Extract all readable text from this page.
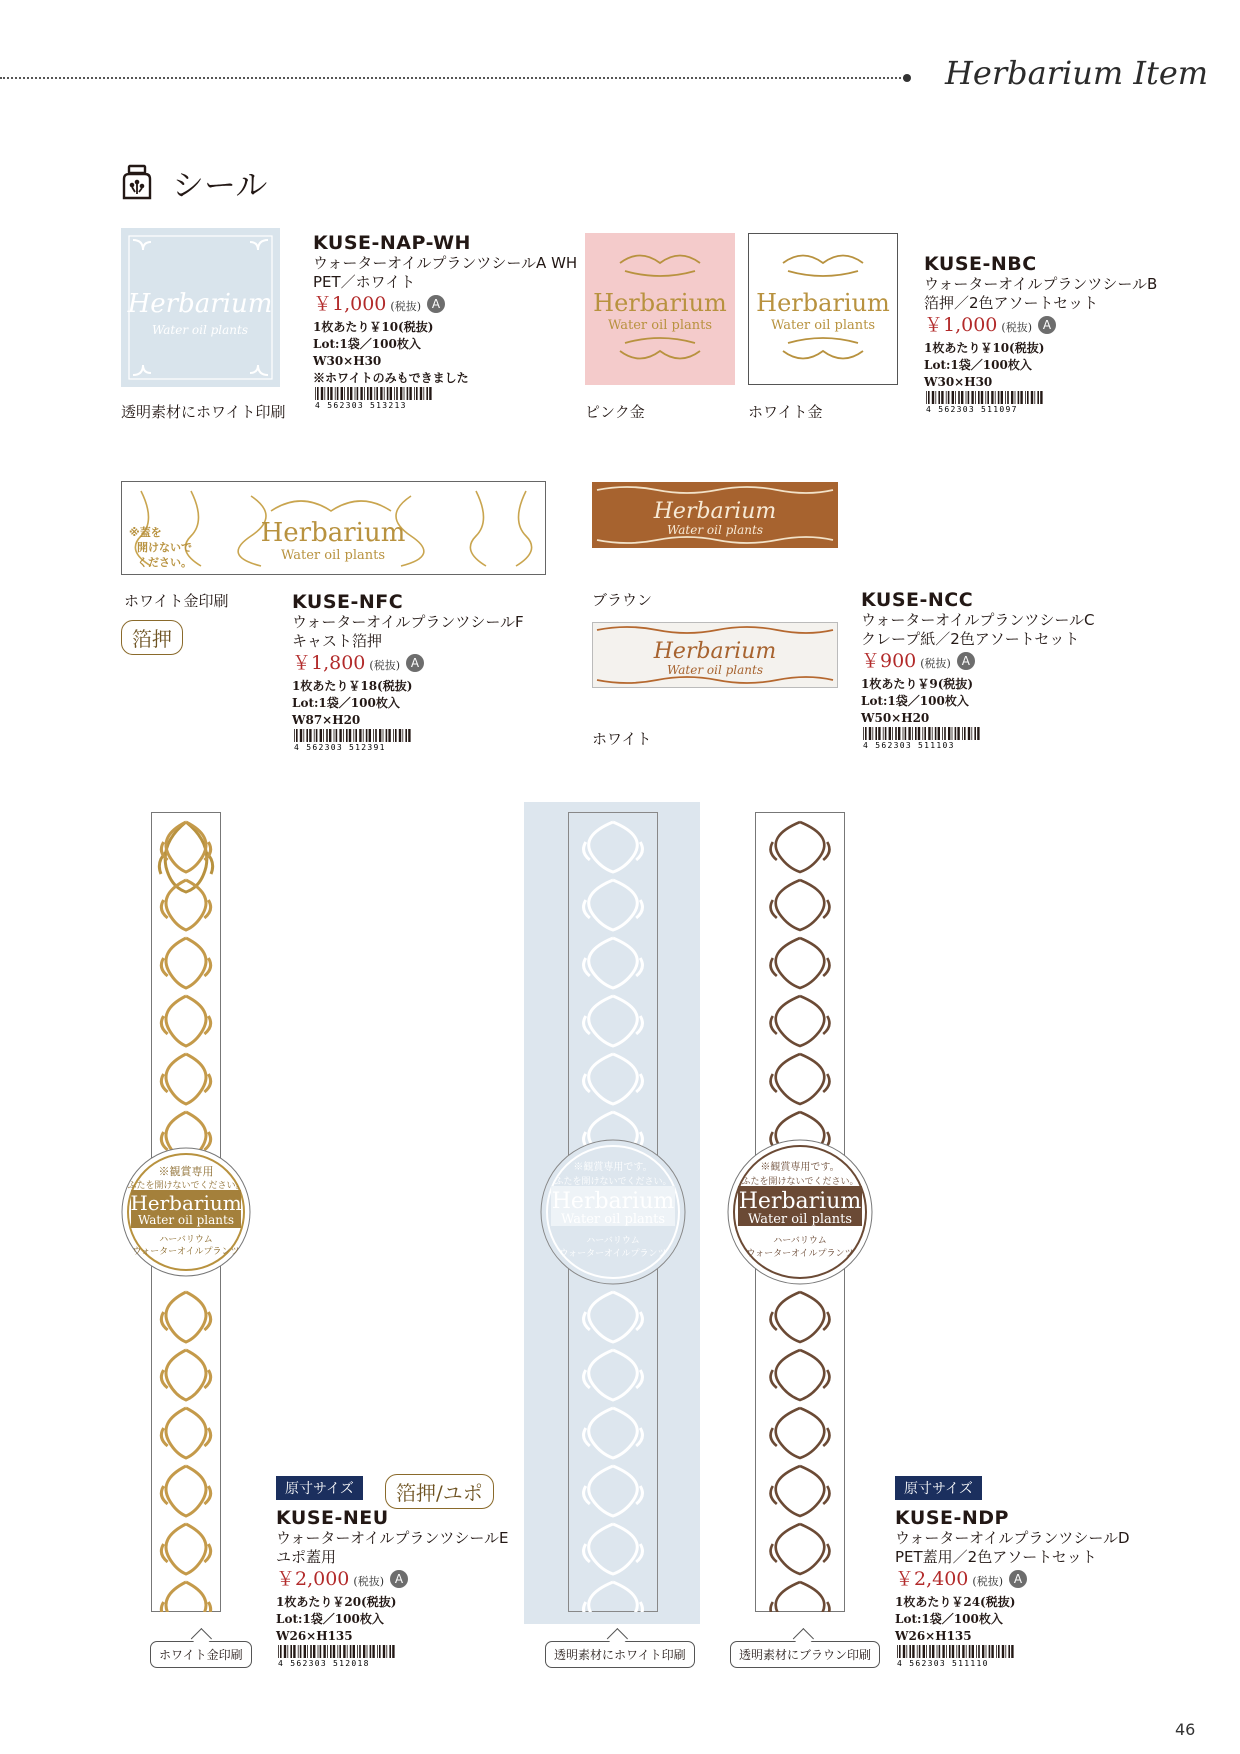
Herbarium Item
シール
Herbarium
Water oil plants
透明素材にホワイト印刷
KUSE-NAP-WH
ウォーターオイルプランツシールA WH
PET／ホワイト
￥1,000 (税抜) A
1枚あたり￥10(税抜)
Lot:1袋／100枚入
W30×H30
※ホワイトのみもできました
4 562303 513213
Herbarium
Water oil plants
Herbarium
Water oil plants
ピンク金	ホワイト金
KUSE-NBC
ウォーターオイルプランツシールB
箔押／2色アソートセット
￥1,000 (税抜) A
1枚あたり￥10(税抜)
Lot:1袋／100枚入
W30×H30
4 562303 511097
Herbarium
Water oil plants
※蓋を
開けないで
ください。
ホワイト金印刷
箔押
KUSE-NFC
ウォーターオイルプランツシールF
キャスト箔押
￥1,800 (税抜) A
1枚あたり￥18(税抜)
Lot:1袋／100枚入
W87×H20
4 562303 512391
Herbarium
Water oil plants
ブラウン
Herbarium
Water oil plants
ホワイト
KUSE-NCC
ウォーターオイルプランツシールC
クレープ紙／2色アソートセット
￥900 (税抜) A
1枚あたり￥9(税抜)
Lot:1袋／100枚入
W50×H20
4 562303 511103
※観賞専用
ふたを開けないでください。
Herbarium
Water oil plants
ハーバリウム
ウォーターオイルプランツ
※観賞専用です。
ふたを開けないでください。
Herbarium
Water oil plants
ハーバリウム
ウォーターオイルプランツ
※観賞専用です。
ふたを開けないでください。
Herbarium
Water oil plants
ハーバリウム
ウォーターオイルプランツ
ホワイト金印刷	透明素材にホワイト印刷	透明素材にブラウン印刷
原寸サイズ	箔押/ユポ
KUSE-NEU
ウォーターオイルプランツシールE
ユポ蓋用
￥2,000 (税抜) A
1枚あたり￥20(税抜)
Lot:1袋／100枚入
W26×H135
4 562303 512018
原寸サイズ
KUSE-NDP
ウォーターオイルプランツシールD
PET蓋用／2色アソートセット
￥2,400 (税抜) A
1枚あたり￥24(税抜)
Lot:1袋／100枚入
W26×H135
4 562303 511110
46
